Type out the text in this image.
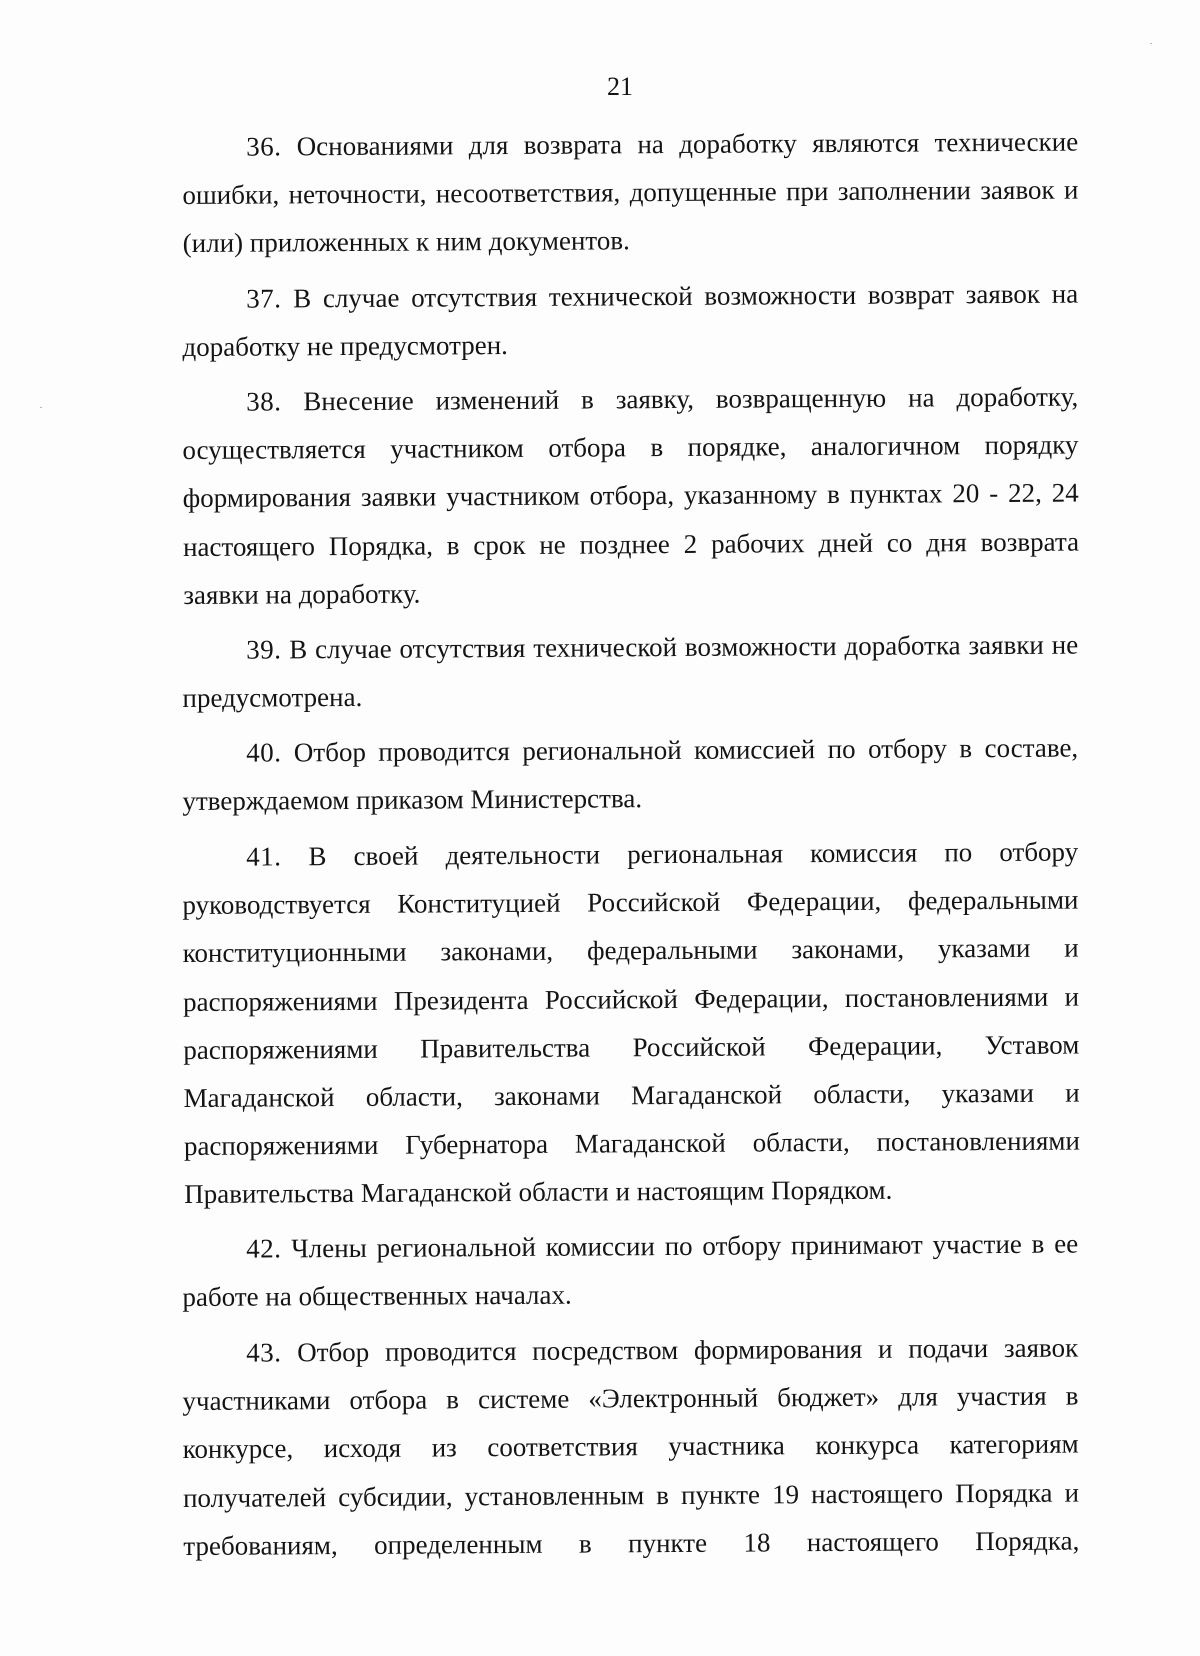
21

36. Основаниями для возврата на доработку являются технические ошибки, неточности, несоответствия, допущенные при заполнении заявок и (или) приложенных к ним документов.

37. В случае отсутствия технической возможности возврат заявок на доработку не предусмотрен.

38. Внесение изменений в заявку, возвращенную на доработку, осуществляется участником отбора в порядке, аналогичном порядку формирования заявки участником отбора, указанному в пунктах 20 - 22, 24 настоящего Порядка, в срок не позднее 2 рабочих дней со дня возврата заявки на доработку.

39. В случае отсутствия технической возможности доработка заявки не предусмотрена.

40. Отбор проводится региональной комиссией по отбору в составе, утверждаемом приказом Министерства.

41. В своей деятельности региональная комиссия по отбору руководствуется Конституцией Российской Федерации, федеральными конституционными законами, федеральными законами, указами и распоряжениями Президента Российской Федерации, постановлениями и распоряжениями Правительства Российской Федерации, Уставом Магаданской области, законами Магаданской области, указами и распоряжениями Губернатора Магаданской области, постановлениями Правительства Магаданской области и настоящим Порядком.

42. Члены региональной комиссии по отбору принимают участие в ее работе на общественных началах.

43. Отбор проводится посредством формирования и подачи заявок участниками отбора в системе «Электронный бюджет» для участия в конкурсе, исходя из соответствия участника конкурса категориям получателей субсидии, установленным в пункте 19 настоящего Порядка и требованиям, определенным в пункте 18 настоящего Порядка,
